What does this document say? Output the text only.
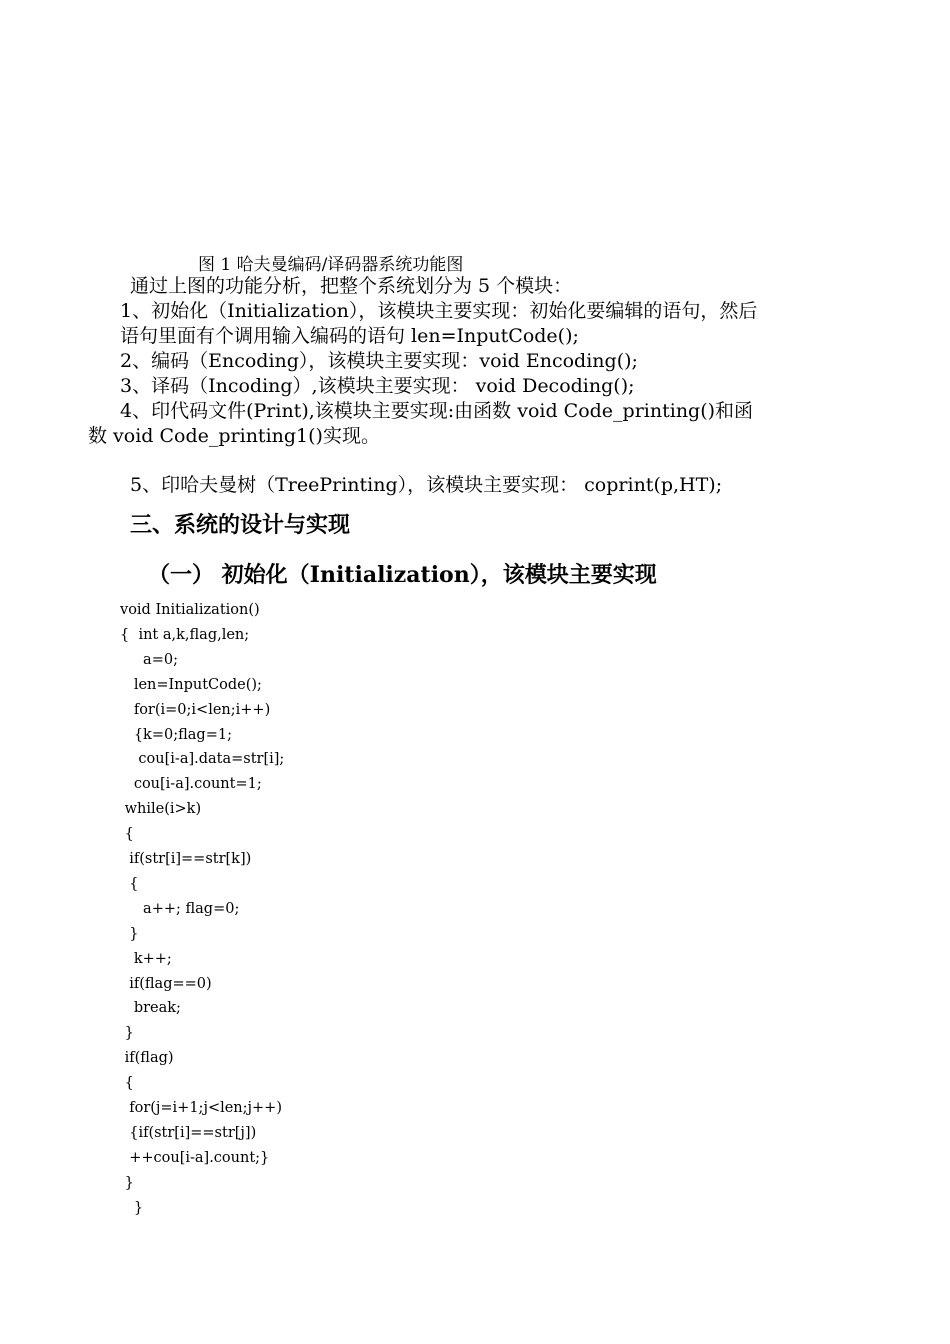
图 1 哈夫曼编码/译码器系统功能图
通过上图的功能分析，把整个系统划分为 5 个模块：
1、初始化（Initialization），该模块主要实现：初始化要编辑的语句，然后
语句里面有个调用输入编码的语句 len=InputCode();
2、编码（Encoding），该模块主要实现：void Encoding();
3、译码（Incoding）,该模块主要实现： void Decoding();
4、印代码文件(Print),该模块主要实现:由函数 void Code_printing()和函
数 void Code_printing1()实现。
5、印哈夫曼树（TreePrinting），该模块主要实现： coprint(p,HT);
三、系统的设计与实现
（一） 初始化（Initialization），该模块主要实现
void Initialization()
{  int a,k,flag,len;
a=0;
len=InputCode();
for(i=0;i<len;i++)
{k=0;flag=1;
cou[i-a].data=str[i];
cou[i-a].count=1;
while(i>k)
{
if(str[i]==str[k])
{
a++; flag=0;
}
k++;
if(flag==0)
break;
}
if(flag)
{
for(j=i+1;j<len;j++)
{if(str[i]==str[j])
++cou[i-a].count;}
}
}
